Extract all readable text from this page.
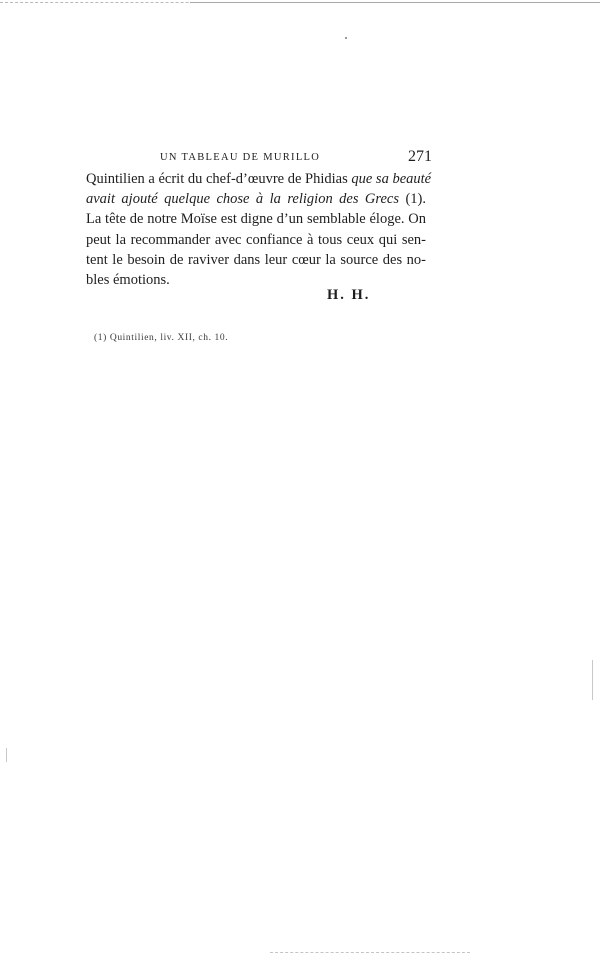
UN TABLEAU DE MURILLO	271
Quintilien a écrit du chef-d’œuvre de Phidias que sa beauté
avait ajouté quelque chose à la religion des Grecs (1).
La tête de notre Moïse est digne d’un semblable éloge. On
peut la recommander avec confiance à tous ceux qui sen-
tent le besoin de raviver dans leur cœur la source des no-
bles émotions.
H. H.
(1) Quintilien, liv. XII, ch. 10.
